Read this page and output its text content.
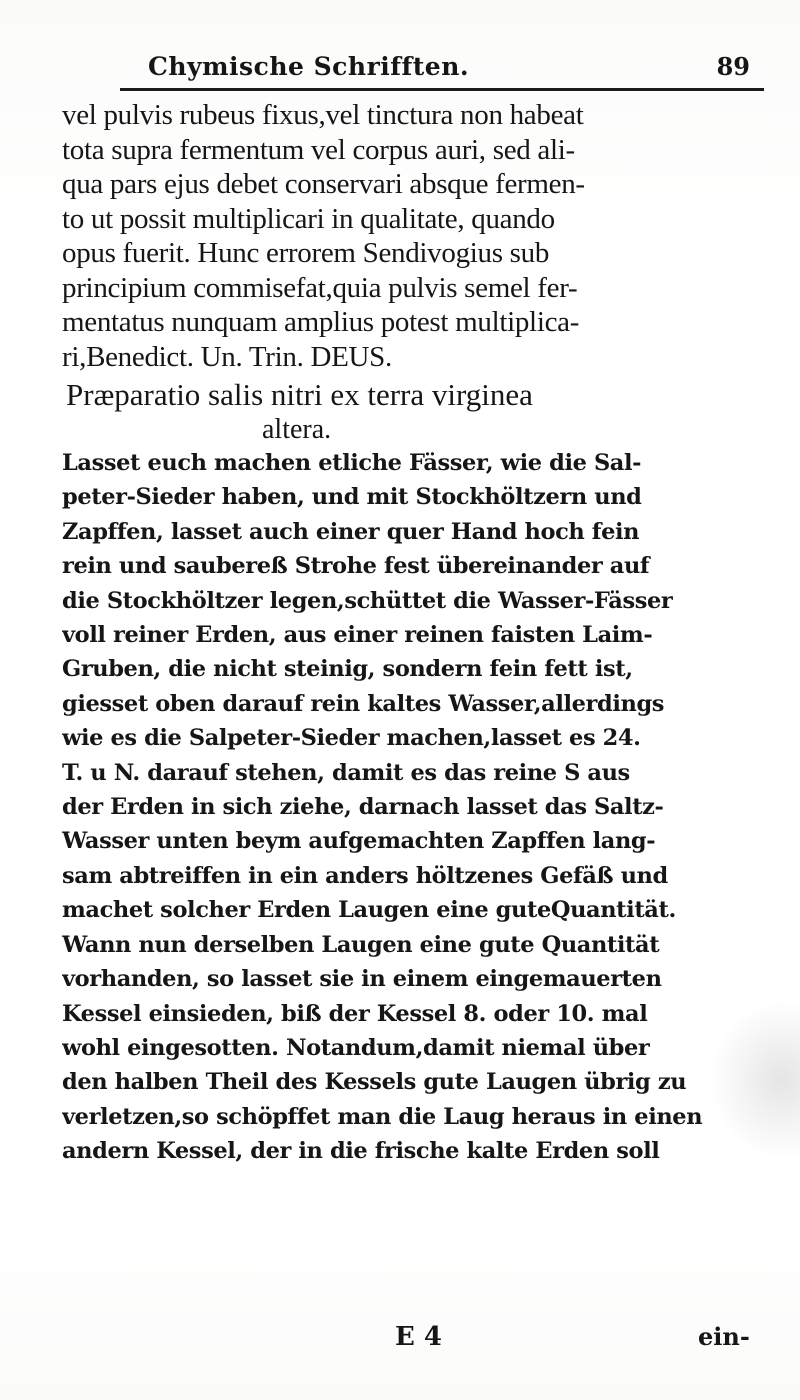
Chymische Schrifften.	89
vel pulvis rubeus fixus,vel tinctura non habeat
tota supra fermentum vel corpus auri, sed ali-
qua pars ejus debet conservari absque fermen-
to ut possit multiplicari in qualitate, quando
opus fuerit. Hunc errorem Sendivogius sub
principium commisefat,quia pulvis semel fer-
mentatus nunquam amplius potest multiplica-
ri,Benedict. Un. Trin. DEUS.
Præparatio salis nitri ex terra virginea
altera.
Lasset euch machen etliche Fässer, wie die Sal-
peter-Sieder haben, und mit Stockhöltzern und
Zapffen, lasset auch einer quer Hand hoch fein
rein und saubereß Strohe fest übereinander auf
die Stockhöltzer legen,schüttet die Wasser-Fässer
voll reiner Erden, aus einer reinen faisten Laim-
Gruben, die nicht steinig, sondern fein fett ist,
giesset oben darauf rein kaltes Wasser,allerdings
wie es die Salpeter-Sieder machen,lasset es 24.
T. u N. darauf stehen, damit es das reine S aus
der Erden in sich ziehe, darnach lasset das Saltz-
Wasser unten beym aufgemachten Zapffen lang-
sam abtreiffen in ein anders höltzenes Gefäß und
machet solcher Erden Laugen eine guteQuantität.
Wann nun derselben Laugen eine gute Quantität
vorhanden, so lasset sie in einem eingemauerten
Kessel einsieden, biß der Kessel 8. oder 10. mal
wohl eingesotten. Notandum,damit niemal über
den halben Theil des Kessels gute Laugen übrig zu
verletzen,so schöpffet man die Laug heraus in einen
andern Kessel, der in die frische kalte Erden soll
E 4	ein-
